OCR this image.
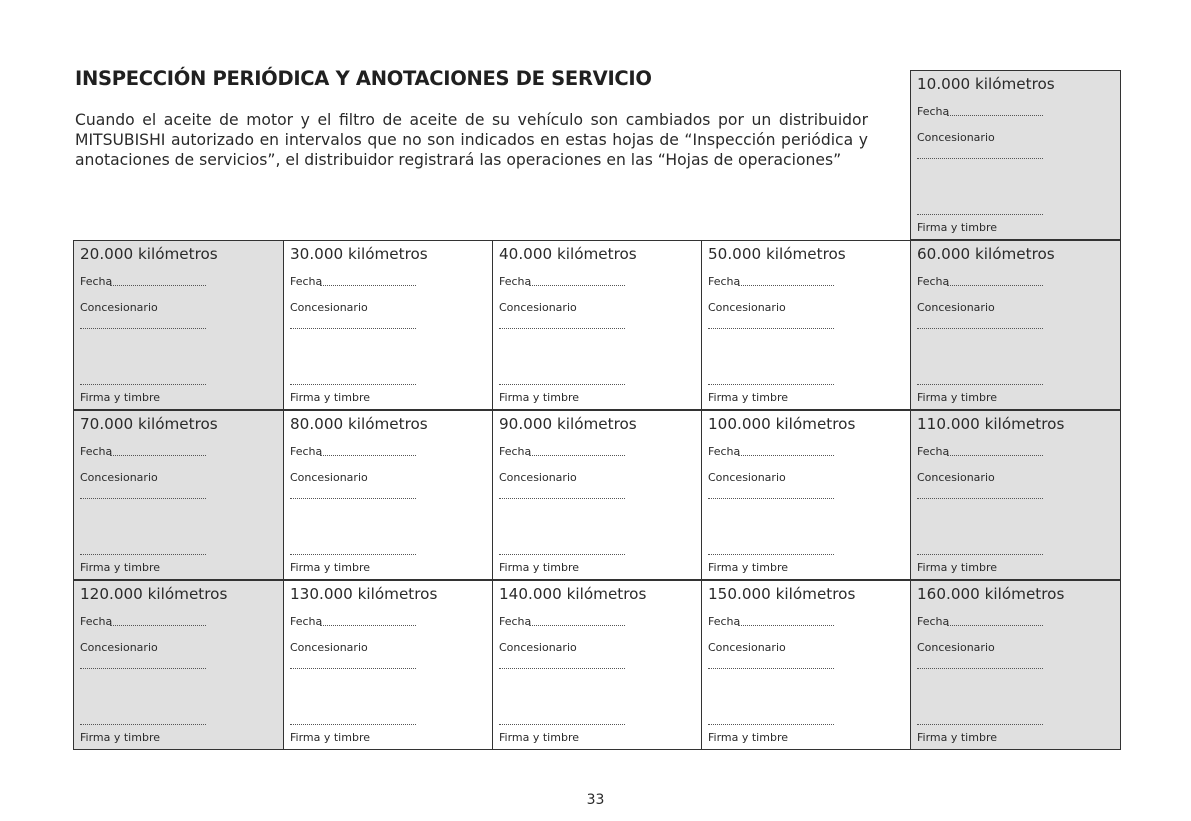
INSPECCIÓN PERIÓDICA Y ANOTACIONES DE SERVICIO
Cuando el aceite de motor y el filtro de aceite de su vehículo son cambiados por un distribuidor MITSUBISHI autorizado en intervalos que no son indicados en estas hojas de “Inspección periódica y anotaciones de servicios”, el distribuidor registrará las operaciones en las “Hojas de operaciones”
10.000 kilómetros
Fecha
Concesionario
Firma y timbre
20.000 kilómetros
Fecha
Concesionario
Firma y timbre
30.000 kilómetros
Fecha
Concesionario
Firma y timbre
40.000 kilómetros
Fecha
Concesionario
Firma y timbre
50.000 kilómetros
Fecha
Concesionario
Firma y timbre
60.000 kilómetros
Fecha
Concesionario
Firma y timbre
70.000 kilómetros
Fecha
Concesionario
Firma y timbre
80.000 kilómetros
Fecha
Concesionario
Firma y timbre
90.000 kilómetros
Fecha
Concesionario
Firma y timbre
100.000 kilómetros
Fecha
Concesionario
Firma y timbre
110.000 kilómetros
Fecha
Concesionario
Firma y timbre
120.000 kilómetros
Fecha
Concesionario
Firma y timbre
130.000 kilómetros
Fecha
Concesionario
Firma y timbre
140.000 kilómetros
Fecha
Concesionario
Firma y timbre
150.000 kilómetros
Fecha
Concesionario
Firma y timbre
160.000 kilómetros
Fecha
Concesionario
Firma y timbre
33
